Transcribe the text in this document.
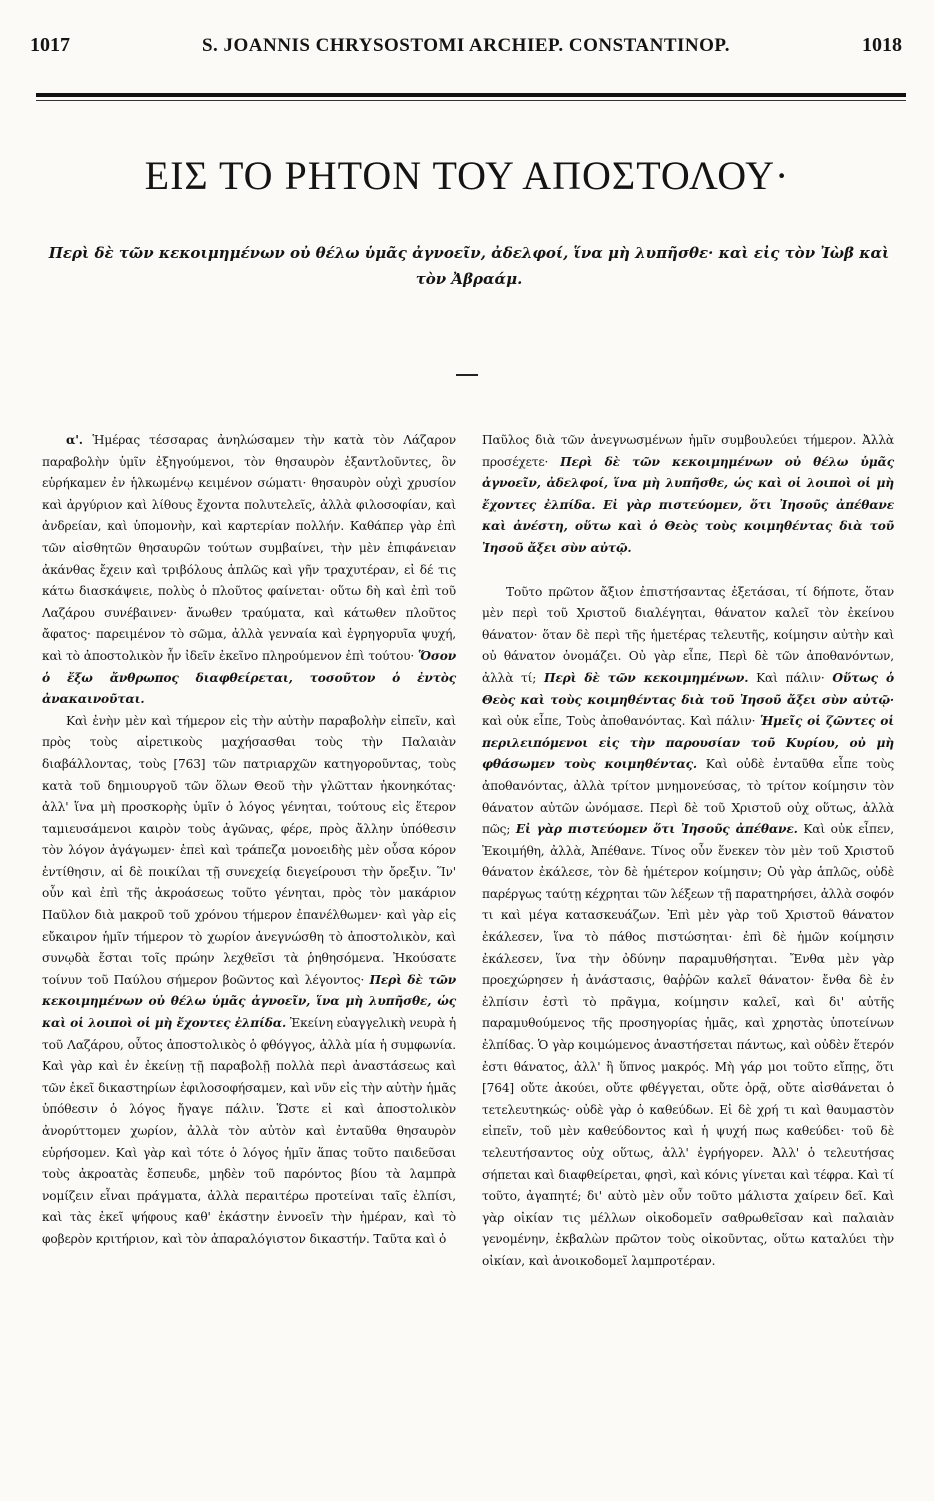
1017	S. JOANNIS CHRYSOSTOMI ARCHIEP. CONSTANTINOP.	1018
ΕΙΣ ΤΟ ΡΗΤΟΝ ΤΟΥ ΑΠΟΣΤΟΛΟΥ·
Περὶ δὲ τῶν κεκοιμημένων οὐ θέλω ὑμᾶς ἀγνοεῖν, ἀδελφοί, ἵνα μὴ λυπῆσθε· καὶ εἰς τὸν Ἰὼβ καὶ τὸν Ἀβραάμ.

α'. Ἡμέρας τέσσαρας ἀνηλώσαμεν τὴν κατὰ τὸν Λάζαρον παραβολὴν ὑμῖν ἐξηγούμενοι, τὸν θησαυρὸν ἐξαντλοῦντες, ὃν εὑρήκαμεν ἐν ἡλκωμένῳ κειμένον σώματι· θησαυρὸν οὐχὶ χρυσίον καὶ ἀργύριον καὶ λίθους ἔχοντα πολυτελεῖς, ἀλλὰ φιλοσοφίαν, καὶ ἀνδρείαν, καὶ ὑπομονὴν, καὶ καρτερίαν πολλήν. Καθάπερ γὰρ ἐπὶ τῶν αἰσθητῶν θησαυρῶν τούτων συμβαίνει, τὴν μὲν ἐπιφάνειαν ἀκάνθας ἔχειν καὶ τριβόλους ἁπλῶς καὶ γῆν τραχυτέραν, εἰ δέ τις κάτω διασκάψειε, πολὺς ὁ πλοῦτος φαίνεται· οὕτω δὴ καὶ ἐπὶ τοῦ Λαζάρου συνέβαινεν· ἄνωθεν τραύματα, καὶ κάτωθεν πλοῦτος ἄφατος· παρειμένον τὸ σῶμα, ἀλλὰ γενναία καὶ ἐγρηγορυῖα ψυχή, καὶ τὸ ἀποστολικὸν ἦν ἰδεῖν ἐκεῖνο πληρούμενον ἐπὶ τούτου· Ὅσον ὁ ἔξω ἄνθρωπος διαφθείρεται, τοσοῦτον ὁ ἐντὸς ἀνακαινοῦται.

Καὶ ἐνὴν μὲν καὶ τήμερον εἰς τὴν αὐτὴν παραβολὴν εἰπεῖν, καὶ πρὸς τοὺς αἱρετικοὺς μαχήσασθαι τοὺς τὴν Παλαιὰν διαβάλλοντας, τοὺς [763] τῶν πατριαρχῶν κατηγοροῦντας, τοὺς κατὰ τοῦ δημιουργοῦ τῶν ὅλων Θεοῦ τὴν γλῶτταν ἠκονηκότας· ἀλλ' ἵνα μὴ προσκορὴς ὑμῖν ὁ λόγος γένηται, τούτους εἰς ἕτερον ταμιευσάμενοι καιρὸν τοὺς ἀγῶνας, φέρε, πρὸς ἄλλην ὑπόθεσιν τὸν λόγον ἀγάγωμεν· ἐπεὶ καὶ τράπεζα μονοειδὴς μὲν οὖσα κόρον ἐντίθησιν, αἱ δὲ ποικίλαι τῇ συνεχείᾳ διεγείρουσι τὴν ὄρεξιν. Ἵν' οὖν καὶ ἐπὶ τῆς ἀκροάσεως τοῦτο γένηται, πρὸς τὸν μακάριον Παῦλον διὰ μακροῦ τοῦ χρόνου τήμερον ἐπανέλθωμεν· καὶ γὰρ εἰς εὔκαιρον ἡμῖν τήμερον τὸ χωρίον ἀνεγνώσθη τὸ ἀποστολικὸν, καὶ συνῳδὰ ἔσται τοῖς πρώην λεχθεῖσι τὰ ῥηθησόμενα. Ἠκούσατε τοίνυν τοῦ Παύλου σήμερον βοῶντος καὶ λέγοντος· Περὶ δὲ τῶν κεκοιμημένων οὐ θέλω ὑμᾶς ἀγνοεῖν, ἵνα μὴ λυπῆσθε, ὡς καὶ οἱ λοιποὶ οἱ μὴ ἔχοντες ἐλπίδα. Ἐκείνη εὐαγγελικὴ νευρὰ ἡ τοῦ Λαζάρου, οὗτος ἀποστολικὸς ὁ φθόγγος, ἀλλὰ μία ἡ συμφωνία. Καὶ γὰρ καὶ ἐν ἐκείνῃ τῇ παραβολῇ πολλὰ περὶ ἀναστάσεως καὶ τῶν ἐκεῖ δικαστηρίων ἐφιλοσοφήσαμεν, καὶ νῦν εἰς τὴν αὐτὴν ἡμᾶς ὑπόθεσιν ὁ λόγος ἤγαγε πάλιν. Ὥστε εἰ καὶ ἀποστολικὸν ἀνορύττομεν χωρίον, ἀλλὰ τὸν αὐτὸν καὶ ἐνταῦθα θησαυρὸν εὑρήσομεν. Καὶ γὰρ καὶ τότε ὁ λόγος ἡμῖν ἅπας τοῦτο παιδεῦσαι τοὺς ἀκροατὰς ἔσπευδε, μηδὲν τοῦ παρόντος βίου τὰ λαμπρὰ νομίζειν εἶναι πράγματα, ἀλλὰ περαιτέρω προτείναι ταῖς ἐλπίσι, καὶ τὰς ἐκεῖ ψήφους καθ' ἑκάστην ἐννοεῖν τὴν ἡμέραν, καὶ τὸ φοβερὸν κριτήριον, καὶ τὸν ἀπαραλόγιστον δικαστήν. Ταῦτα καὶ ὁ

Παῦλος διὰ τῶν ἀνεγνωσμένων ἡμῖν συμβουλεύει τήμερον. Ἀλλὰ προσέχετε· Περὶ δὲ τῶν κεκοιμημένων οὐ θέλω ὑμᾶς ἀγνοεῖν, ἀδελφοί, ἵνα μὴ λυπῆσθε, ὡς καὶ οἱ λοιποὶ οἱ μὴ ἔχοντες ἐλπίδα. Εἰ γὰρ πιστεύομεν, ὅτι Ἰησοῦς ἀπέθανε καὶ ἀνέστη, οὕτω καὶ ὁ Θεὸς τοὺς κοιμηθέντας διὰ τοῦ Ἰησοῦ ἄξει σὺν αὐτῷ.

Τοῦτο πρῶτον ἄξιον ἐπιστήσαντας ἐξετάσαι, τί δήποτε, ὅταν μὲν περὶ τοῦ Χριστοῦ διαλέγηται, θάνατον καλεῖ τὸν ἐκείνου θάνατον· ὅταν δὲ περὶ τῆς ἡμετέρας τελευτῆς, κοίμησιν αὐτὴν καὶ οὐ θάνατον ὀνομάζει. Οὐ γὰρ εἶπε, Περὶ δὲ τῶν ἀποθανόντων, ἀλλὰ τί; Περὶ δὲ τῶν κεκοιμημένων. Καὶ πάλιν· Οὕτως ὁ Θεὸς καὶ τοὺς κοιμηθέντας διὰ τοῦ Ἰησοῦ ἄξει σὺν αὐτῷ· καὶ οὐκ εἶπε, Τοὺς ἀποθανόντας. Καὶ πάλιν· Ἡμεῖς οἱ ζῶντες οἱ περιλειπόμενοι εἰς τὴν παρουσίαν τοῦ Κυρίου, οὐ μὴ φθάσωμεν τοὺς κοιμηθέντας. Καὶ οὐδὲ ἐνταῦθα εἶπε τοὺς ἀποθανόντας, ἀλλὰ τρίτον μνημονεύσας, τὸ τρίτον κοίμησιν τὸν θάνατον αὐτῶν ὠνόμασε. Περὶ δὲ τοῦ Χριστοῦ οὐχ οὕτως, ἀλλὰ πῶς; Εἰ γὰρ πιστεύομεν ὅτι Ἰησοῦς ἀπέθανε. Καὶ οὐκ εἶπεν, Ἐκοιμήθη, ἀλλὰ, Ἀπέθανε. Τίνος οὖν ἕνεκεν τὸν μὲν τοῦ Χριστοῦ θάνατον ἐκάλεσε, τὸν δὲ ἡμέτερον κοίμησιν; Οὐ γὰρ ἁπλῶς, οὐδὲ παρέργως ταύτῃ κέχρηται τῶν λέξεων τῇ παρατηρήσει, ἀλλὰ σοφόν τι καὶ μέγα κατασκευάζων. Ἐπὶ μὲν γὰρ τοῦ Χριστοῦ θάνατον ἐκάλεσεν, ἵνα τὸ πάθος πιστώσηται· ἐπὶ δὲ ἡμῶν κοίμησιν ἐκάλεσεν, ἵνα τὴν ὀδύνην παραμυθήσηται. Ἔνθα μὲν γὰρ προεχώρησεν ἡ ἀνάστασις, θαῤῥῶν καλεῖ θάνατον· ἔνθα δὲ ἐν ἐλπίσιν ἐστὶ τὸ πρᾶγμα, κοίμησιν καλεῖ, καὶ δι' αὐτῆς παραμυθούμενος τῆς προσηγορίας ἡμᾶς, καὶ χρηστὰς ὑποτείνων ἐλπίδας. Ὁ γὰρ κοιμώμενος ἀναστήσεται πάντως, καὶ οὐδὲν ἕτερόν ἐστι θάνατος, ἀλλ' ἢ ὕπνος μακρός. Μὴ γάρ μοι τοῦτο εἴπῃς, ὅτι [764] οὔτε ἀκούει, οὔτε φθέγγεται, οὔτε ὁρᾷ, οὔτε αἰσθάνεται ὁ τετελευτηκώς· οὐδὲ γὰρ ὁ καθεύδων. Εἰ δὲ χρή τι καὶ θαυμαστὸν εἰπεῖν, τοῦ μὲν καθεύδοντος καὶ ἡ ψυχή πως καθεύδει· τοῦ δὲ τελευτήσαντος οὐχ οὕτως, ἀλλ' ἐγρήγορεν. Ἀλλ' ὁ τελευτήσας σήπεται καὶ διαφθείρεται, φησὶ, καὶ κόνις γίνεται καὶ τέφρα. Καὶ τί τοῦτο, ἀγαπητέ; δι' αὐτὸ μὲν οὖν τοῦτο μάλιστα χαίρειν δεῖ. Καὶ γὰρ οἰκίαν τις μέλλων οἰκοδομεῖν σαθρωθεῖσαν καὶ παλαιὰν γενομένην, ἐκβαλὼν πρῶτον τοὺς οἰκοῦντας, οὕτω καταλύει τὴν οἰκίαν, καὶ ἀνοικοδομεῖ λαμπροτέραν.
